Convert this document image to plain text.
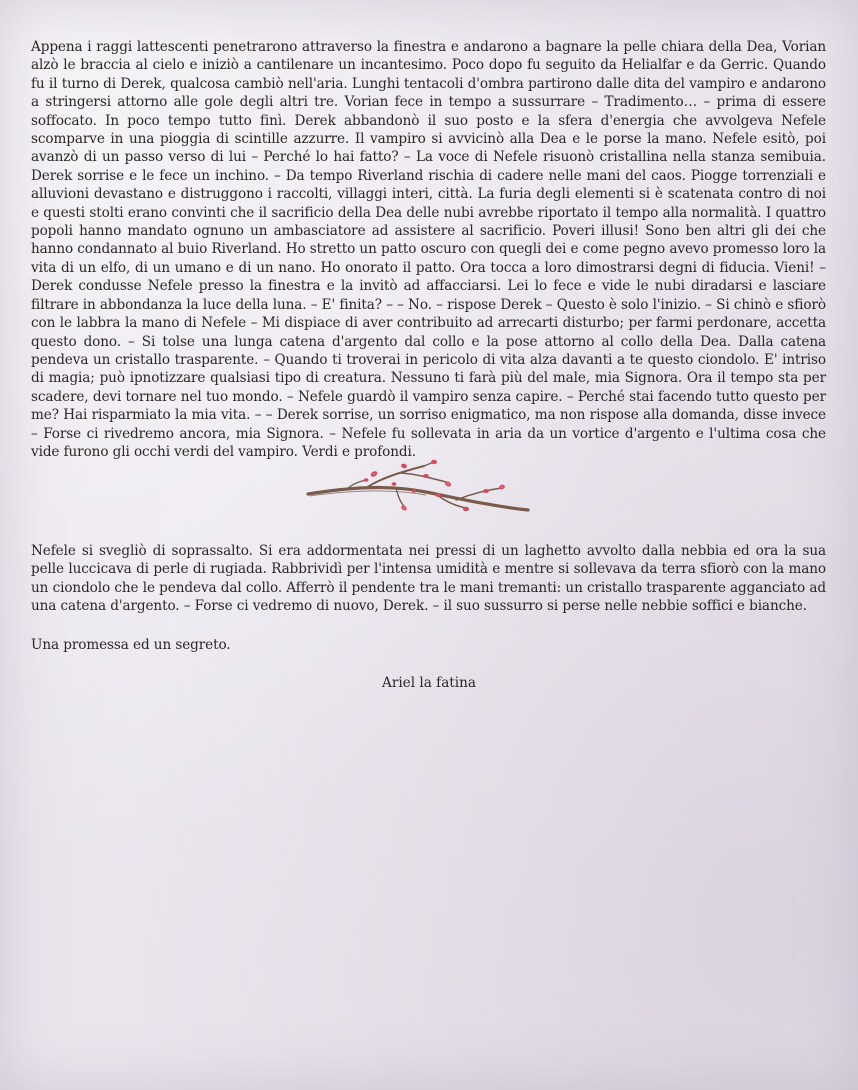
Appena i raggi lattescenti penetrarono attraverso la finestra e andarono a bagnare la pelle chiara della Dea, Vorian alzò le braccia al cielo e iniziò a cantilenare un incantesimo. Poco dopo fu seguito da Helialfar e da Gerric. Quando fu il turno di Derek, qualcosa cambiò nell'aria. Lunghi tentacoli d'ombra partirono dalle dita del vampiro e andarono a stringersi attorno alle gole degli altri tre. Vorian fece in tempo a sussurrare – Tradimento… – prima di essere soffocato. In poco tempo tutto finì. Derek abbandonò il suo posto e la sfera d'energia che avvolgeva Nefele scomparve in una pioggia di scintille azzurre. Il vampiro si avvicinò alla Dea e le porse la mano. Nefele esitò, poi avanzò di un passo verso di lui – Perché lo hai fatto? – La voce di Nefele risuonò cristallina nella stanza semibuia. Derek sorrise e le fece un inchino. – Da tempo Riverland rischia di cadere nelle mani del caos. Piogge torrenziali e alluvioni devastano e distruggono i raccolti, villaggi interi, città. La furia degli elementi si è scatenata contro di noi e questi stolti erano convinti che il sacrificio della Dea delle nubi avrebbe riportato il tempo alla normalità. I quattro popoli hanno mandato ognuno un ambasciatore ad assistere al sacrificio. Poveri illusi! Sono ben altri gli dei che hanno condannato al buio Riverland. Ho stretto un patto oscuro con quegli dei e come pegno avevo promesso loro la vita di un elfo, di un umano e di un nano. Ho onorato il patto. Ora tocca a loro dimostrarsi degni di fiducia. Vieni! – Derek condusse Nefele presso la finestra e la invitò ad affacciarsi. Lei lo fece e vide le nubi diradarsi e lasciare filtrare in abbondanza la luce della luna. – E' finita? – – No. – rispose Derek – Questo è solo l'inizio. – Si chinò e sfiorò con le labbra la mano di Nefele – Mi dispiace di aver contribuito ad arrecarti disturbo; per farmi perdonare, accetta questo dono. – Si tolse una lunga catena d'argento dal collo e la pose attorno al collo della Dea. Dalla catena pendeva un cristallo trasparente. – Quando ti troverai in pericolo di vita alza davanti a te questo ciondolo. E' intriso di magia; può ipnotizzare qualsiasi tipo di creatura. Nessuno ti farà più del male, mia Signora. Ora il tempo sta per scadere, devi tornare nel tuo mondo. – Nefele guardò il vampiro senza capire. – Perché stai facendo tutto questo per me? Hai risparmiato la mia vita. – – Derek sorrise, un sorriso enigmatico, ma non rispose alla domanda, disse invece – Forse ci rivedremo ancora, mia Signora. – Nefele fu sollevata in aria da un vortice d'argento e l'ultima cosa che vide furono gli occhi verdi del vampiro. Verdi e profondi.

Nefele si svegliò di soprassalto. Si era addormentata nei pressi di un laghetto avvolto dalla nebbia ed ora la sua pelle luccicava di perle di rugiada. Rabbrividì per l'intensa umidità e mentre si sollevava da terra sfiorò con la mano un ciondolo che le pendeva dal collo. Afferrò il pendente tra le mani tremanti: un cristallo trasparente agganciato ad una catena d'argento. – Forse ci vedremo di nuovo, Derek. – il suo sussurro si perse nelle nebbie soffici e bianche.

Una promessa ed un segreto.

Ariel la fatina
